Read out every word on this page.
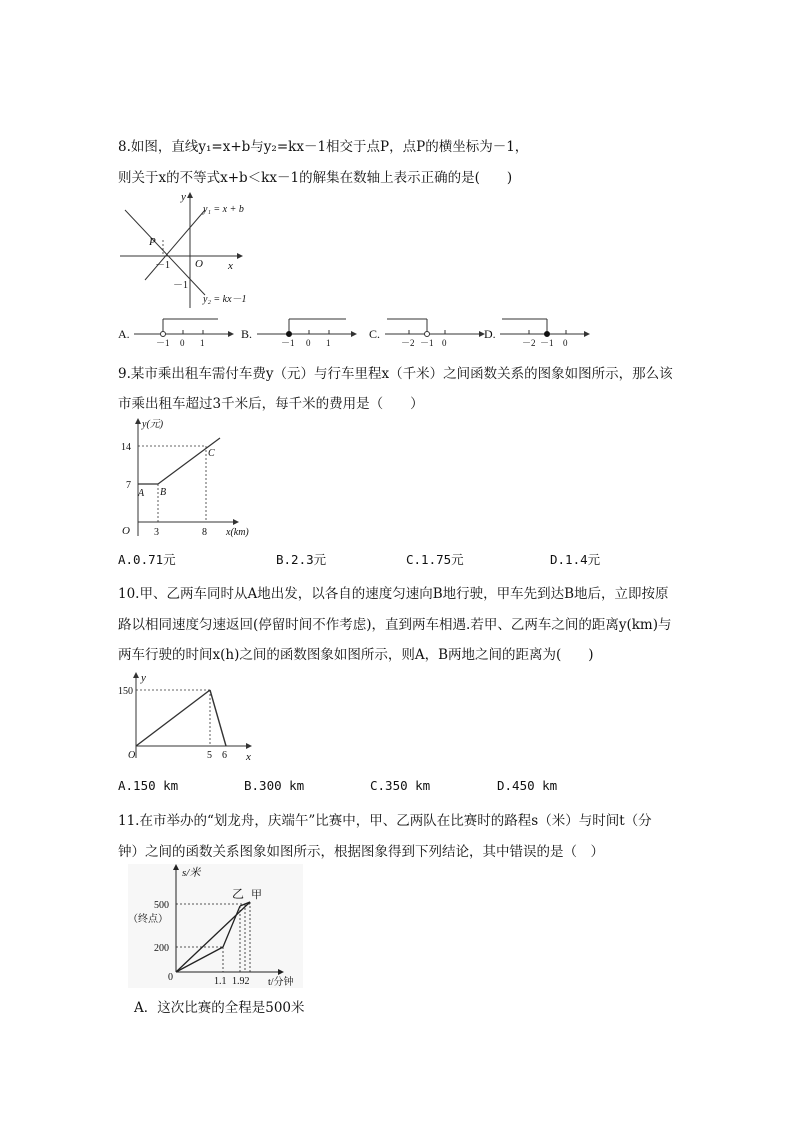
8.如图，直线y₁=x+b与y₂=kx－1相交于点P，点P的横坐标为－1，
则关于x的不等式x+b＜kx－1的解集在数轴上表示正确的是(　　)
y
x
O
P
－1
－1
y₁ = x + b
y₂ = kx－1
A.
－1 0 1
B.
－1 0 1
C.
－2 －1 0
D.
－2 －1 0
9.某市乘出租车需付车费y（元）与行车里程x（千米）之间函数关系的图象如图所示，那么该
市乘出租车超过3千米后，每千米的费用是（　　）
y(元)
x(km)
O
14
7
3	8
A B
C
A.0.71元	B.2.3元	C.1.75元	D.1.4元
10.甲、乙两车同时从A地出发，以各自的速度匀速向B地行驶，甲车先到达B地后，立即按原
路以相同速度匀速返回(停留时间不作考虑)，直到两车相遇.若甲、乙两车之间的距离y(km)与
两车行驶的时间x(h)之间的函数图象如图所示，则A，B两地之间的距离为(　　)
y
x
O
150
5 6
A.150 km	B.300 km	C.350 km	D.450 km
11.在市举办的“划龙舟，庆端午”比赛中，甲、乙两队在比赛时的路程s（米）与时间t（分
钟）之间的函数关系图象如图所示，根据图象得到下列结论，其中错误的是（　）
s/米
t/分钟
0
500
（终点）
200
1.1 1.92
乙 甲
A．这次比赛的全程是500米
